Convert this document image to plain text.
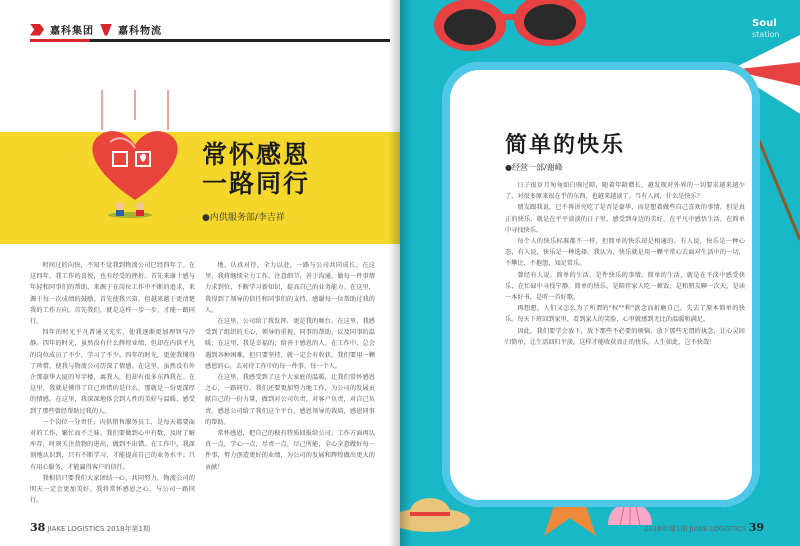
嘉科集团 嘉科物流
常怀感恩
一路同行
●内供服务部/李吉祥

时间过的向快，不知不觉我到物流公司已经四年了。在这四年，我工作的喜悦，也有经受的挫折。首先来谢十感与年轻和同事们的帮助，来源于在岗位工作中不断的追求，来源于每一次成绩的鼓励。首先使我兴奋，但越来越于更清楚我的工作方向。首先我们，就是这样一步一步，才能一路同行。

四年的时光平凡普通又充实，使我逐渐更加理智与冷静。四年的时光，虽然没有什么辉煌业绩，但却在内供平凡的岗位成员了不少，学习了不少。四年的时光，更使我懂得了珍惜，使我与物流公司历深了情感。在这里，虽然没有外企那豪华大厦的写字楼，离我入，但却有很多东西我在。在这里，我就是懂得了自己珍惜的是什么，那就是一份更深厚的情感。在这里，我深深地体会到人性的美好与温暖，感受到了那些曾经帮助过我的人。

一个岗位一分责任，内供销售服务员工，是每天都要面对的工作，繁忙而不乏味。我们要做到心中有数，及时了解库存，时刻关注货物的进出，做到不出错。在工作中，我深刻地认识到，只有不断学习，才能提高自己的业务水平；只有用心服务，才能赢得客户的信任。

我相信只要我们大家团结一心，共同努力，物流公司的明天一定会更加美好。我将常怀感恩之心，与公司一路同行。

地，认真对待，全力以赴，一路与公司共同成长。在这里，我将继续全力工作，注意细节，善于沟通，做每一件事情力求到位，不断学习新知识，提高自己的业务能力。在这里，我得到了领导的信任和同事们的支持，感谢每一位帮助过我的人。

在这里，公司给了我发挥，更是我的舞台。在这里，我感受到了组织的关心，领导的重视，同事的帮助，以及同事的温暖；在这里，我是幸福的；给善于感恩的人，在工作中，总会遇到各种困难，但只要坚持，就一定会有收获。我们要用一颗感恩的心，去对待工作中的每一件事、每一个人。

在这里，我感受到了这个大家庭的温暖，让我们常怀感恩之心，一路同行。我们还要更加努力地工作，为公司的发展贡献自己的一份力量，做到对公司负责，对客户负责，对自己负责。感恩公司给了我们这个平台，感恩领导的栽培，感恩同事的帮助。

常怀感恩，把自己的独有特质回报给公司，工作方面再认真一点，学心一点，尽责一点，尽己所能，全心全意做好每一件事，努力创造更好的业绩，为公司的发展和辉煌做出更大的贡献！

38 JIAKE LOGISTICS 2018年第1期
Soul
station
简单的快乐
●经营一部/谢峰

日子很岁月匆匆如白驹过隙，随着年龄增长，越发现对外界的一切要求越来越少了，对很多原来很在乎的东西，也越来越淡了。当有人问，什么是快乐？

朋友跟我说，已不再讲究吃了是否是豪华，而是想着做些自己喜欢的事情。但是真正的快乐，就是在平平淡淡的日子里，感受到身边的美好，在平凡中感悟生活，在简单中寻找快乐。

每个人的快乐标准都不一样，但简单的快乐却是相通的。有人说，快乐是一种心态，有人说，快乐是一种选择。我认为，快乐就是用一颗平常心去面对生活中的一切，不攀比、不抱怨，知足常乐。

曾经有人说，简单的生活，是件快乐的事情。简单的生活，就是在平淡中感受快乐，在忙碌中寻找宁静。简单的快乐，是陪伴家人吃一顿饭，是和朋友聊一次天，是读一本好书，是听一首好歌。

再想想，人们又怎么为了所谓的"权""利"欲念而折磨自己，失去了原本简单的快乐。每天下班回到家里，看到家人的笑脸，心里就感到无比的温暖和满足。

因此，我们要学会放下，放下那些不必要的烦恼，放下那些无谓的执念，让心灵回归简单，让生活回归平淡，这样才能收获真正的快乐。人生如此，岂不快哉！

2018年第1期 JIAKE LOGISTICS 39
